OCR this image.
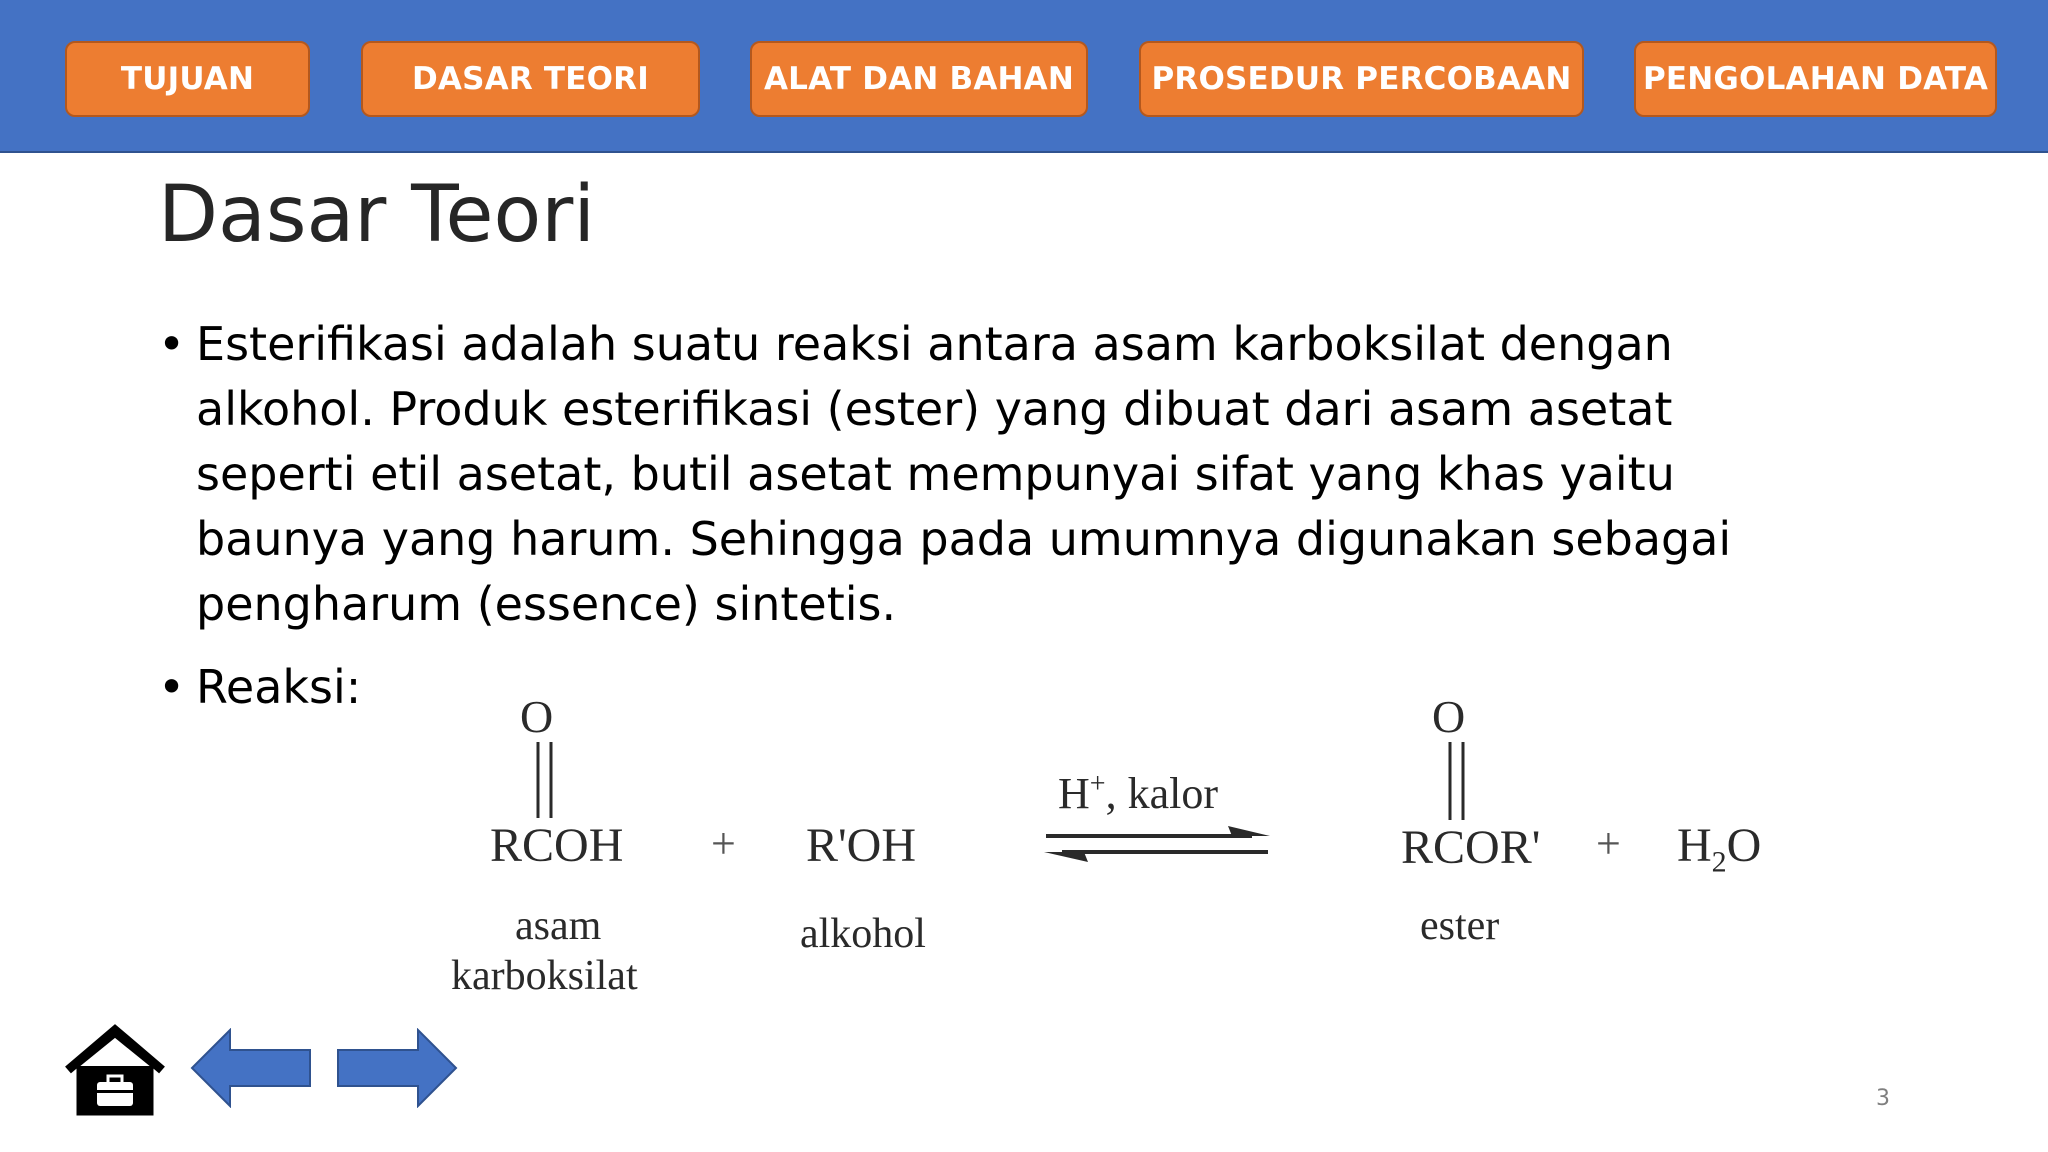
TUJUAN	DASAR TEORI	ALAT DAN BAHAN	PROSEDUR PERCOBAAN	PENGOLAHAN DATA
Dasar Teori

• Esterifikasi adalah suatu reaksi antara asam karboksilat dengan alkohol. Produk esterifikasi (ester) yang dibuat dari asam asetat seperti etil asetat, butil asetat mempunyai sifat yang khas yaitu baunya yang harum. Sehingga pada umumnya digunakan sebagai pengharum (essence) sintetis.

• Reaksi:

O
RCOH + R'OH
H+, kalor
O
RCOR' + $H_2O$
asam
karboksilat
alkohol	ester
3
